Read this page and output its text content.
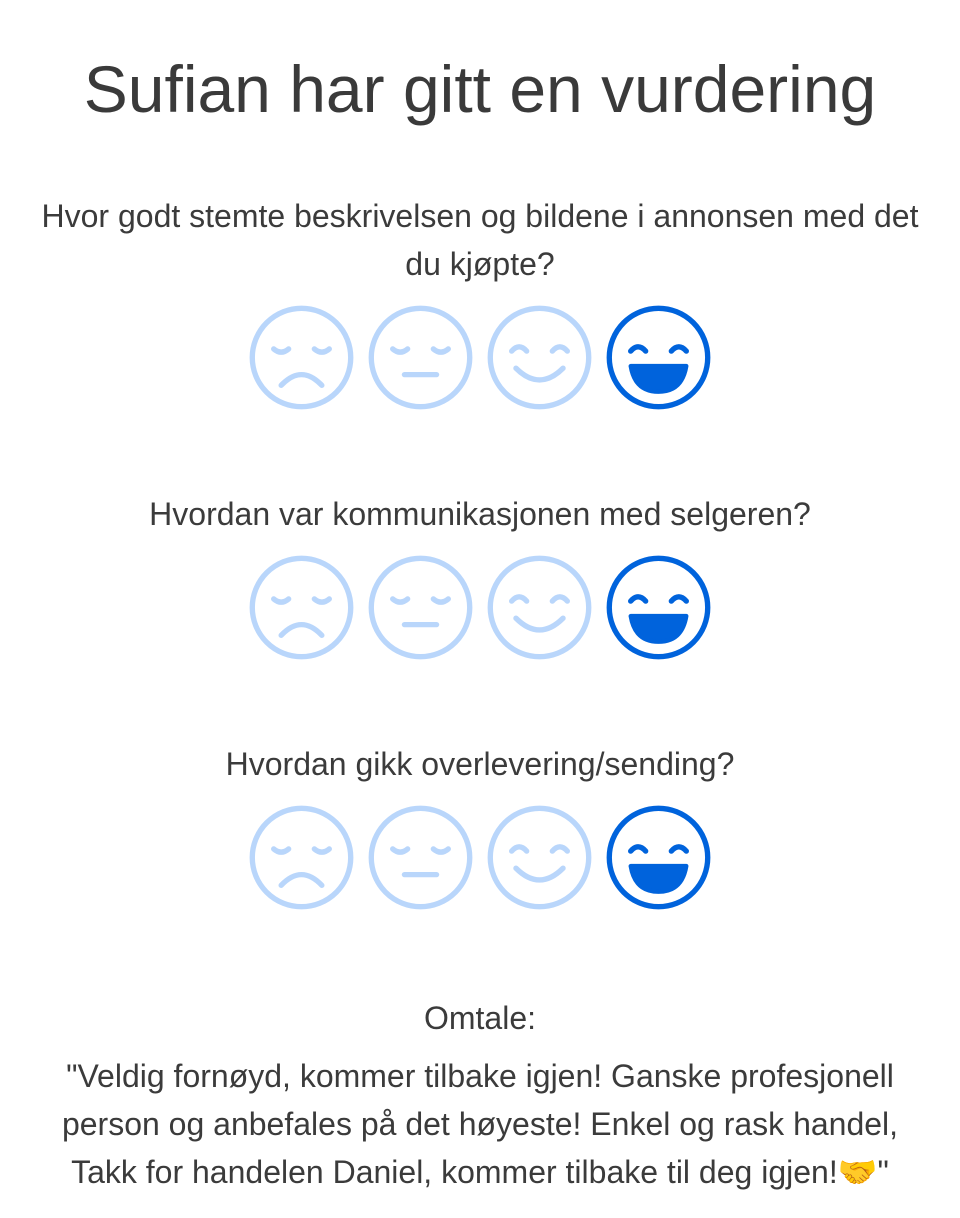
Sufian har gitt en vurdering

Hvor godt stemte beskrivelsen og bildene i annonsen med det du kjøpte?

Hvordan var kommunikasjonen med selgeren?

Hvordan gikk overlevering/sending?

Omtale:
"Veldig fornøyd, kommer tilbake igjen! Ganske profesjonell person og anbefales på det høyeste! Enkel og rask handel, Takk for handelen Daniel, kommer tilbake til deg igjen!🤝"
